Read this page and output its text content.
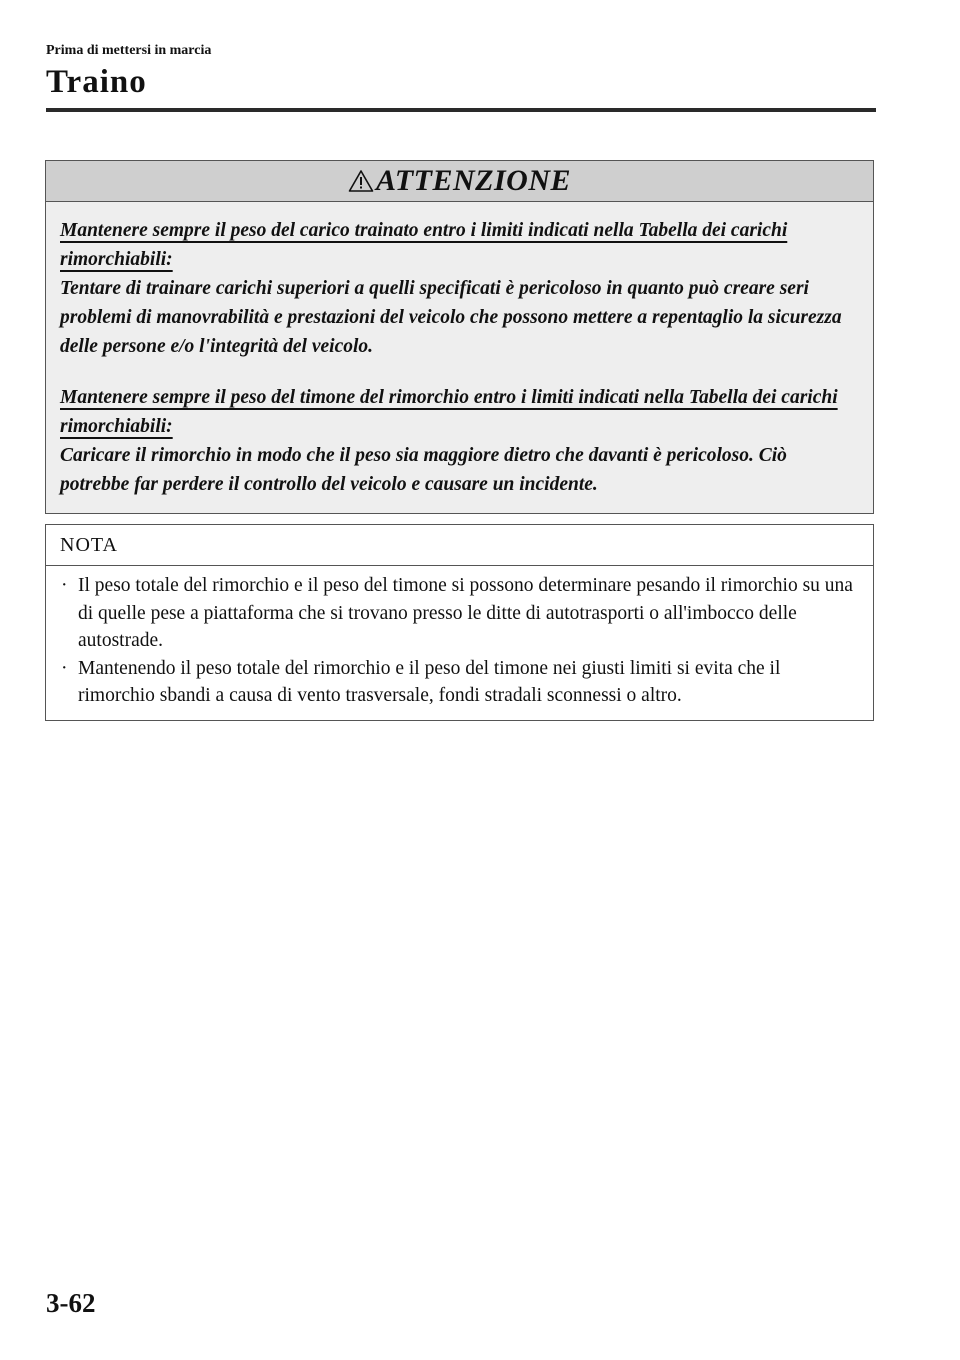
Prima di mettersi in marcia

Traino

ATTENZIONE

Mantenere sempre il peso del carico trainato entro i limiti indicati nella Tabella dei carichi rimorchiabili:

Tentare di trainare carichi superiori a quelli specificati è pericoloso in quanto può creare seri problemi di manovrabilità e prestazioni del veicolo che possono mettere a repentaglio la sicurezza delle persone e/o l'integrità del veicolo.

Mantenere sempre il peso del timone del rimorchio entro i limiti indicati nella Tabella dei carichi rimorchiabili:

Caricare il rimorchio in modo che il peso sia maggiore dietro che davanti è pericoloso. Ciò potrebbe far perdere il controllo del veicolo e causare un incidente.

NOTA

· Il peso totale del rimorchio e il peso del timone si possono determinare pesando il rimorchio su una di quelle pese a piattaforma che si trovano presso le ditte di autotrasporti o all'imbocco delle autostrade.

· Mantenendo il peso totale del rimorchio e il peso del timone nei giusti limiti si evita che il rimorchio sbandi a causa di vento trasversale, fondi stradali sconnessi o altro.

3-62
